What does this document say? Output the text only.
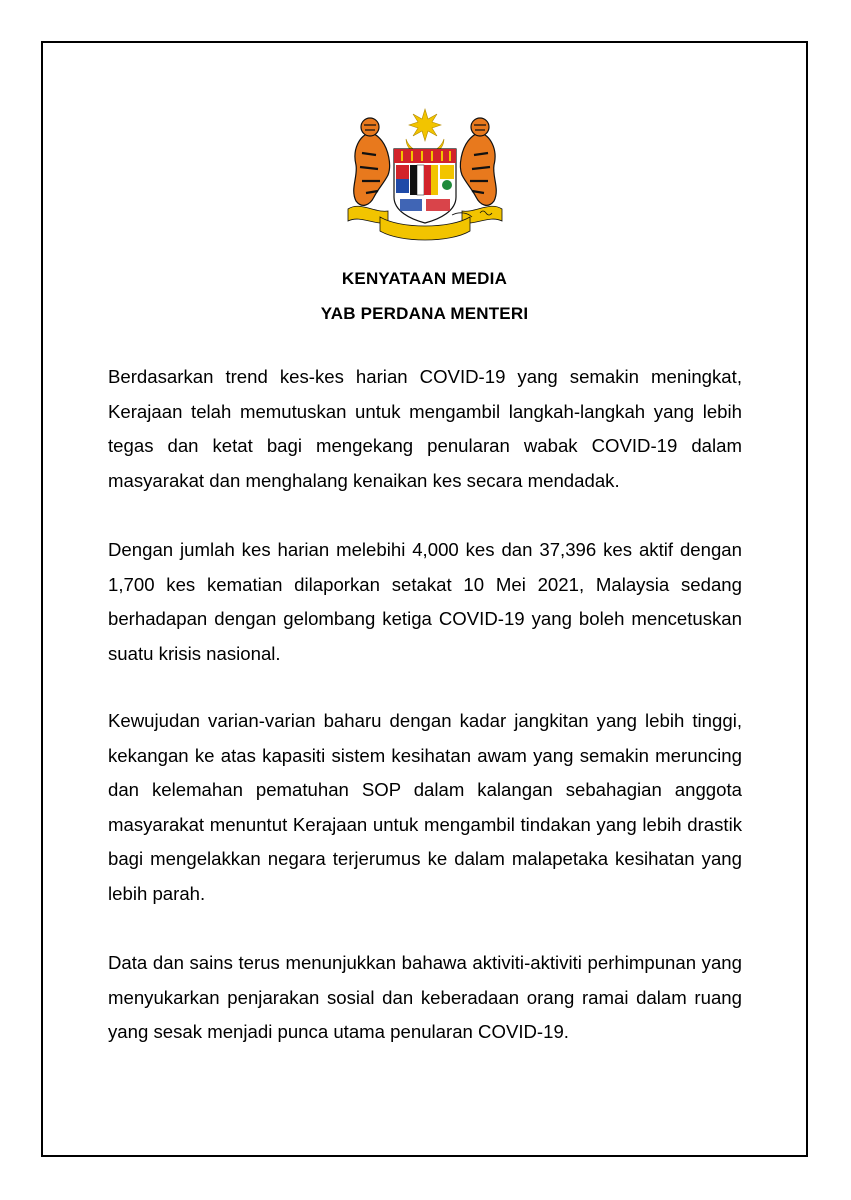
KENYATAAN MEDIA
YAB PERDANA MENTERI

Berdasarkan trend kes-kes harian COVID-19 yang semakin meningkat, Kerajaan telah memutuskan untuk mengambil langkah-langkah yang lebih tegas dan ketat bagi mengekang penularan wabak COVID-19 dalam masyarakat dan menghalang kenaikan kes secara mendadak.

Dengan jumlah kes harian melebihi 4,000 kes dan 37,396 kes aktif dengan 1,700 kes kematian dilaporkan setakat 10 Mei 2021, Malaysia sedang berhadapan dengan gelombang ketiga COVID-19 yang boleh mencetuskan suatu krisis nasional.

Kewujudan varian-varian baharu dengan kadar jangkitan yang lebih tinggi, kekangan ke atas kapasiti sistem kesihatan awam yang semakin meruncing dan kelemahan pematuhan SOP dalam kalangan sebahagian anggota masyarakat menuntut Kerajaan untuk mengambil tindakan yang lebih drastik bagi mengelakkan negara terjerumus ke dalam malapetaka kesihatan yang lebih parah.

Data dan sains terus menunjukkan bahawa aktiviti-aktiviti perhimpunan yang menyukarkan penjarakan sosial dan keberadaan orang ramai dalam ruang yang sesak menjadi punca utama penularan COVID-19.
